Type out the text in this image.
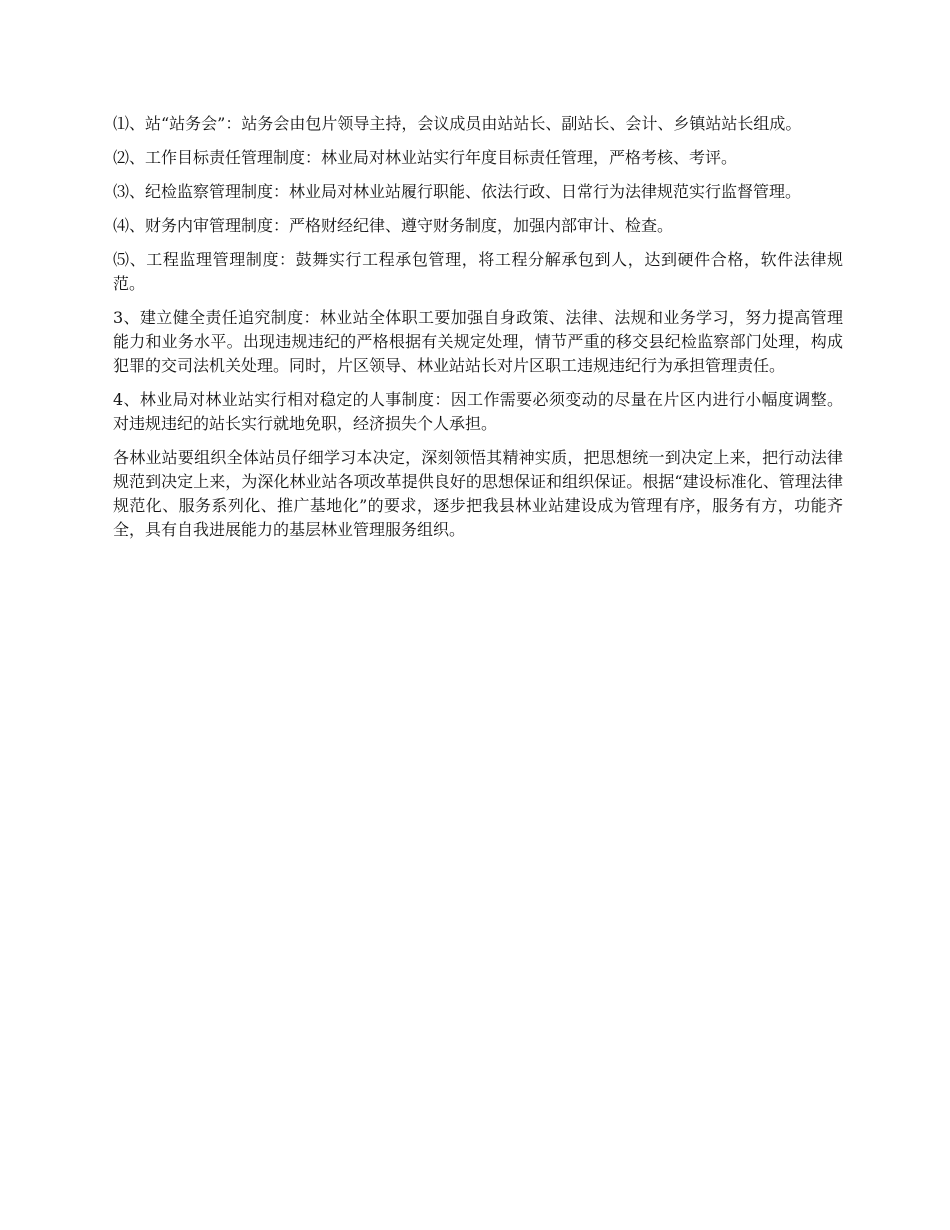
⑴、站“站务会”：站务会由包片领导主持，会议成员由站站长、副站长、会计、乡镇站站长组成。

⑵、工作目标责任管理制度：林业局对林业站实行年度目标责任管理，严格考核、考评。

⑶、纪检监察管理制度：林业局对林业站履行职能、依法行政、日常行为法律规范实行监督管理。

⑷、财务内审管理制度：严格财经纪律、遵守财务制度，加强内部审计、检查。

⑸、工程监理管理制度：鼓舞实行工程承包管理，将工程分解承包到人，达到硬件合格，软件法律规范。

3、建立健全责任追究制度：林业站全体职工要加强自身政策、法律、法规和业务学习，努力提高管理能力和业务水平。出现违规违纪的严格根据有关规定处理，情节严重的移交县纪检监察部门处理，构成犯罪的交司法机关处理。同时，片区领导、林业站站长对片区职工违规违纪行为承担管理责任。

4、林业局对林业站实行相对稳定的人事制度：因工作需要必须变动的尽量在片区内进行小幅度调整。对违规违纪的站长实行就地免职，经济损失个人承担。

各林业站要组织全体站员仔细学习本决定，深刻领悟其精神实质，把思想统一到决定上来，把行动法律规范到决定上来，为深化林业站各项改革提供良好的思想保证和组织保证。根据“建设标准化、管理法律规范化、服务系列化、推广基地化”的要求，逐步把我县林业站建设成为管理有序，服务有方，功能齐全，具有自我进展能力的基层林业管理服务组织。
